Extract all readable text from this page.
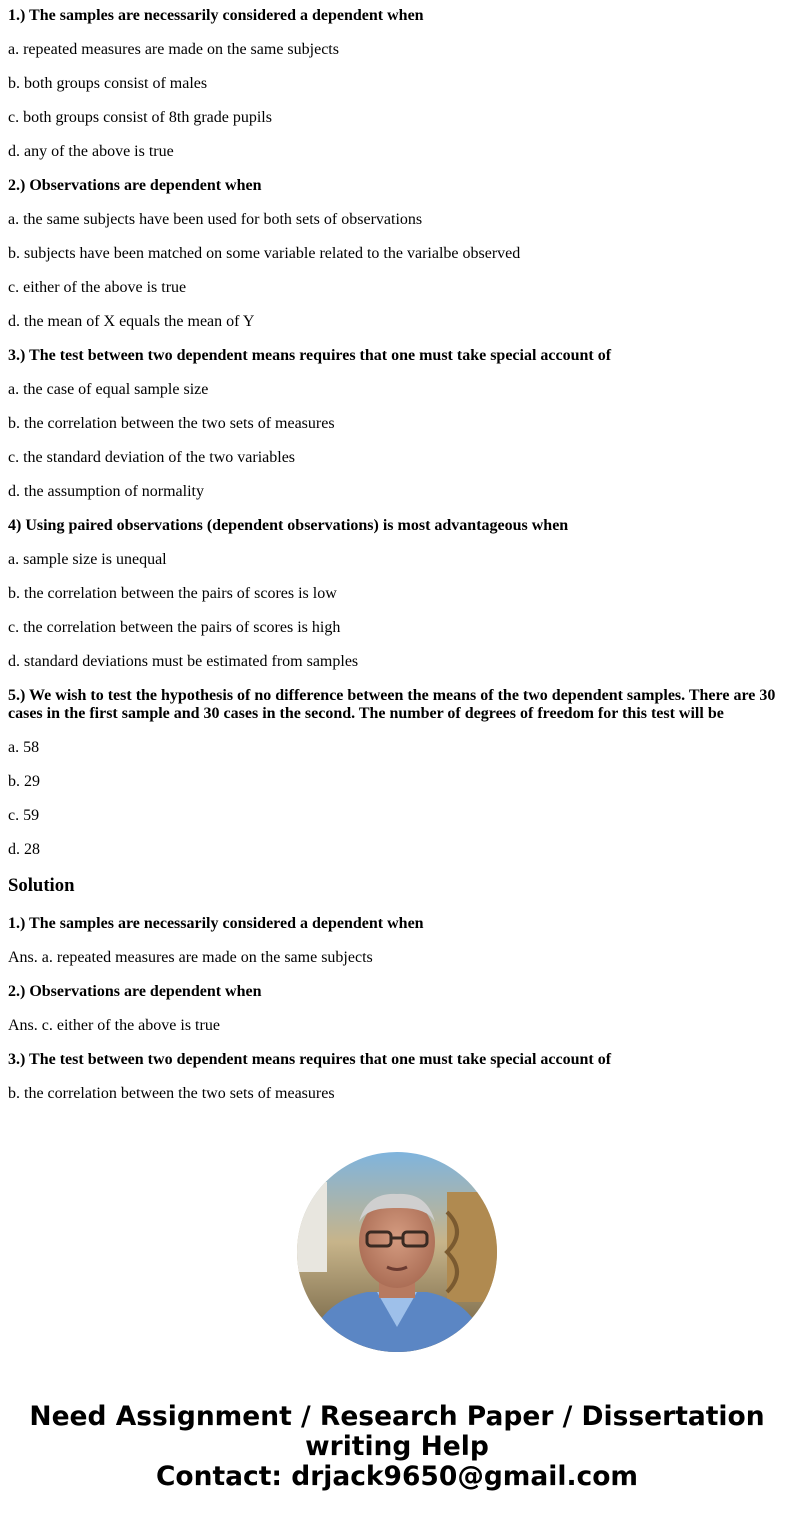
1.) The samples are necessarily considered a dependent when

a. repeated measures are made on the same subjects

b. both groups consist of males

c. both groups consist of 8th grade pupils

d. any of the above is true

2.) Observations are dependent when

a. the same subjects have been used for both sets of observations

b. subjects have been matched on some variable related to the varialbe observed

c. either of the above is true

d. the mean of X equals the mean of Y

3.) The test between two dependent means requires that one must take special account of

a. the case of equal sample size

b. the correlation between the two sets of measures

c. the standard deviation of the two variables

d. the assumption of normality

4) Using paired observations (dependent observations) is most advantageous when

a. sample size is unequal

b. the correlation between the pairs of scores is low

c. the correlation between the pairs of scores is high

d. standard deviations must be estimated from samples

5.) We wish to test the hypothesis of no difference between the means of the two dependent samples. There are 30 cases in the first sample and 30 cases in the second. The number of degrees of freedom for this test will be

a. 58

b. 29

c. 59

d. 28

Solution

1.) The samples are necessarily considered a dependent when

Ans. a. repeated measures are made on the same subjects

2.) Observations are dependent when

Ans. c. either of the above is true

3.) The test between two dependent means requires that one must take special account of

b. the correlation between the two sets of measures

Need Assignment / Research Paper / Dissertation
writing Help
Contact: drjack9650@gmail.com
